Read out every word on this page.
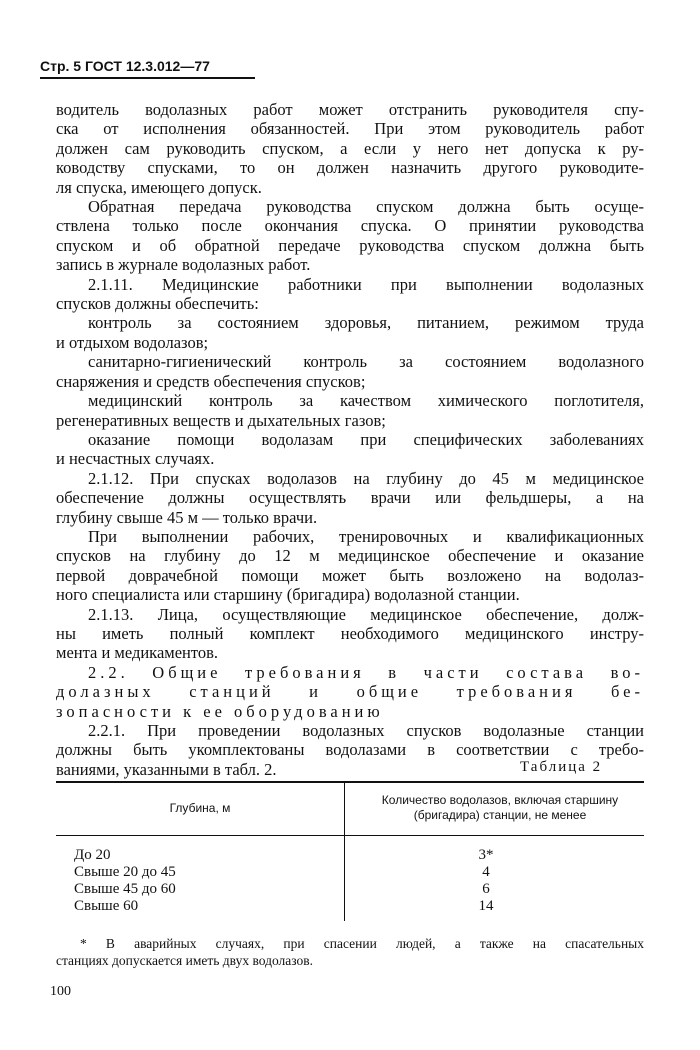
Стр. 5 ГОСТ 12.3.012—77

водитель водолазных работ может отстранить руководителя спу-

ска от исполнения обязанностей. При этом руководитель работ

должен сам руководить спуском, а если у него нет допуска к ру-

ководству спусками, то он должен назначить другого руководите-

ля спуска, имеющего допуск.

Обратная передача руководства спуском должна быть осуще-

ствлена только после окончания спуска. О принятии руководства

спуском и об обратной передаче руководства спуском должна быть

запись в журнале водолазных работ.

2.1.11. Медицинские работники при выполнении водолазных

спусков должны обеспечить:

контроль за состоянием здоровья, питанием, режимом труда

и отдыхом водолазов;

санитарно-гигиенический контроль за состоянием водолазного

снаряжения и средств обеспечения спусков;

медицинский контроль за качеством химического поглотителя,

регенеративных веществ и дыхательных газов;

оказание помощи водолазам при специфических заболеваниях

и несчастных случаях.

2.1.12. При спусках водолазов на глубину до 45 м медицинское

обеспечение должны осуществлять врачи или фельдшеры, а на

глубину свыше 45 м — только врачи.

При выполнении рабочих, тренировочных и квалификационных

спусков на глубину до 12 м медицинское обеспечение и оказание

первой доврачебной помощи может быть возложено на водолаз-

ного специалиста или старшину (бригадира) водолазной станции.

2.1.13. Лица, осуществляющие медицинское обеспечение, долж-

ны иметь полный комплект необходимого медицинского инстру-

мента и медикаментов.

2.2. Общие требования в части состава во-

долазных станций и общие требования бе-

зопасности к ее оборудованию

2.2.1. При проведении водолазных спусков водолазные станции

должны быть укомплектованы водолазами в соответствии с требо-

ваниями, указанными в табл. 2.	Таблица 2
Глубина, м
Количество водолазов, включая старшину (бригадира) станции, не менее
До 20
Свыше 20 до 45
Свыше 45 до 60
Свыше 60
3*
4
6
14

* В аварийных случаях, при спасении людей, а также на спасательных

станциях допускается иметь двух водолазов.

100
